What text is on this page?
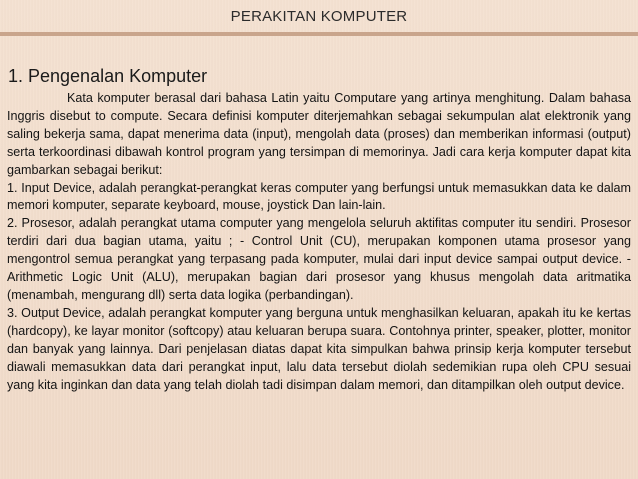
PERAKITAN KOMPUTER
1. Pengenalan Komputer

Kata komputer berasal dari bahasa Latin yaitu Computare yang artinya menghitung. Dalam bahasa Inggris disebut to compute. Secara definisi komputer diterjemahkan sebagai sekumpulan alat elektronik yang saling bekerja sama, dapat menerima data (input), mengolah data (proses) dan memberikan informasi (output) serta terkoordinasi dibawah kontrol program yang tersimpan di memorinya. Jadi cara kerja komputer dapat kita gambarkan sebagai berikut:

1. Input Device, adalah perangkat-perangkat keras computer yang berfungsi untuk memasukkan data ke dalam memori komputer, separate keyboard, mouse, joystick Dan lain-lain.

2. Prosesor, adalah perangkat utama computer yang mengelola seluruh aktifitas computer itu sendiri. Prosesor terdiri dari dua bagian utama, yaitu ; - Control Unit (CU), merupakan komponen utama prosesor yang mengontrol semua perangkat yang terpasang pada komputer, mulai dari input device sampai output device. - Arithmetic Logic Unit (ALU), merupakan bagian dari prosesor yang khusus mengolah data aritmatika (menambah, mengurang dll) serta data logika (perbandingan).

3. Output Device, adalah perangkat komputer yang berguna untuk menghasilkan keluaran, apakah itu ke kertas (hardcopy), ke layar monitor (softcopy) atau keluaran berupa suara. Contohnya printer, speaker, plotter, monitor dan banyak yang lainnya. Dari penjelasan diatas dapat kita simpulkan bahwa prinsip kerja komputer tersebut diawali memasukkan data dari perangkat input, lalu data tersebut diolah sedemikian rupa oleh CPU sesuai yang kita inginkan dan data yang telah diolah tadi disimpan dalam memori, dan ditampilkan oleh output device.
